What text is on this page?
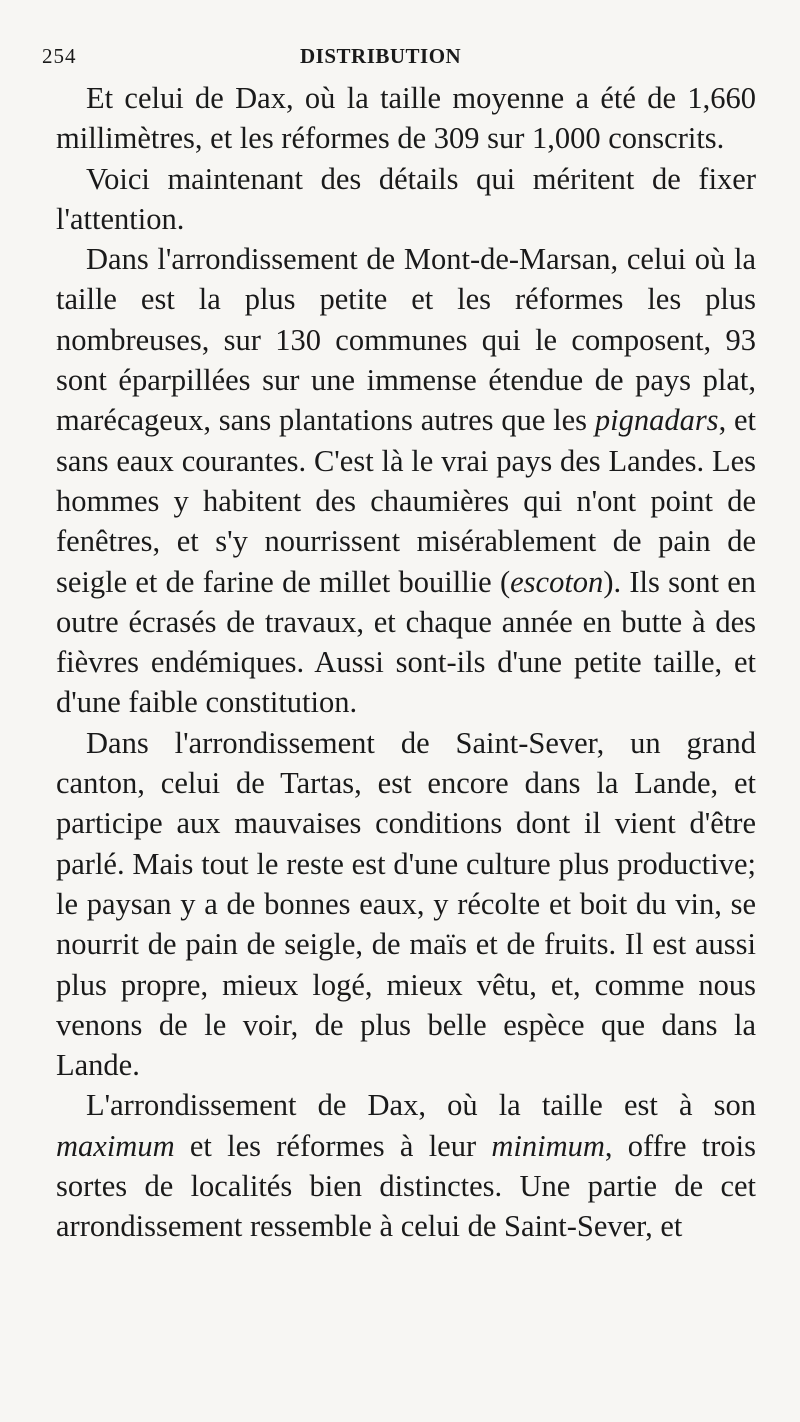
254	DISTRIBUTION

Et celui de Dax, où la taille moyenne a été de 1,660 millimètres, et les réformes de 309 sur 1,000 conscrits.

Voici maintenant des détails qui méritent de fixer l'attention.

Dans l'arrondissement de Mont-de-Marsan, celui où la taille est la plus petite et les réformes les plus nombreuses, sur 130 communes qui le composent, 93 sont éparpillées sur une immense étendue de pays plat, marécageux, sans plantations autres que les pignadars, et sans eaux courantes. C'est là le vrai pays des Landes. Les hommes y habitent des chaumières qui n'ont point de fenêtres, et s'y nourrissent misérablement de pain de seigle et de farine de millet bouillie (escoton). Ils sont en outre écrasés de travaux, et chaque année en butte à des fièvres endémiques. Aussi sont-ils d'une petite taille, et d'une faible constitution.

Dans l'arrondissement de Saint-Sever, un grand canton, celui de Tartas, est encore dans la Lande, et participe aux mauvaises conditions dont il vient d'être parlé. Mais tout le reste est d'une culture plus productive; le paysan y a de bonnes eaux, y récolte et boit du vin, se nourrit de pain de seigle, de maïs et de fruits. Il est aussi plus propre, mieux logé, mieux vêtu, et, comme nous venons de le voir, de plus belle espèce que dans la Lande.

L'arrondissement de Dax, où la taille est à son maximum et les réformes à leur minimum, offre trois sortes de localités bien distinctes. Une partie de cet arrondissement ressemble à celui de Saint-Sever, et
